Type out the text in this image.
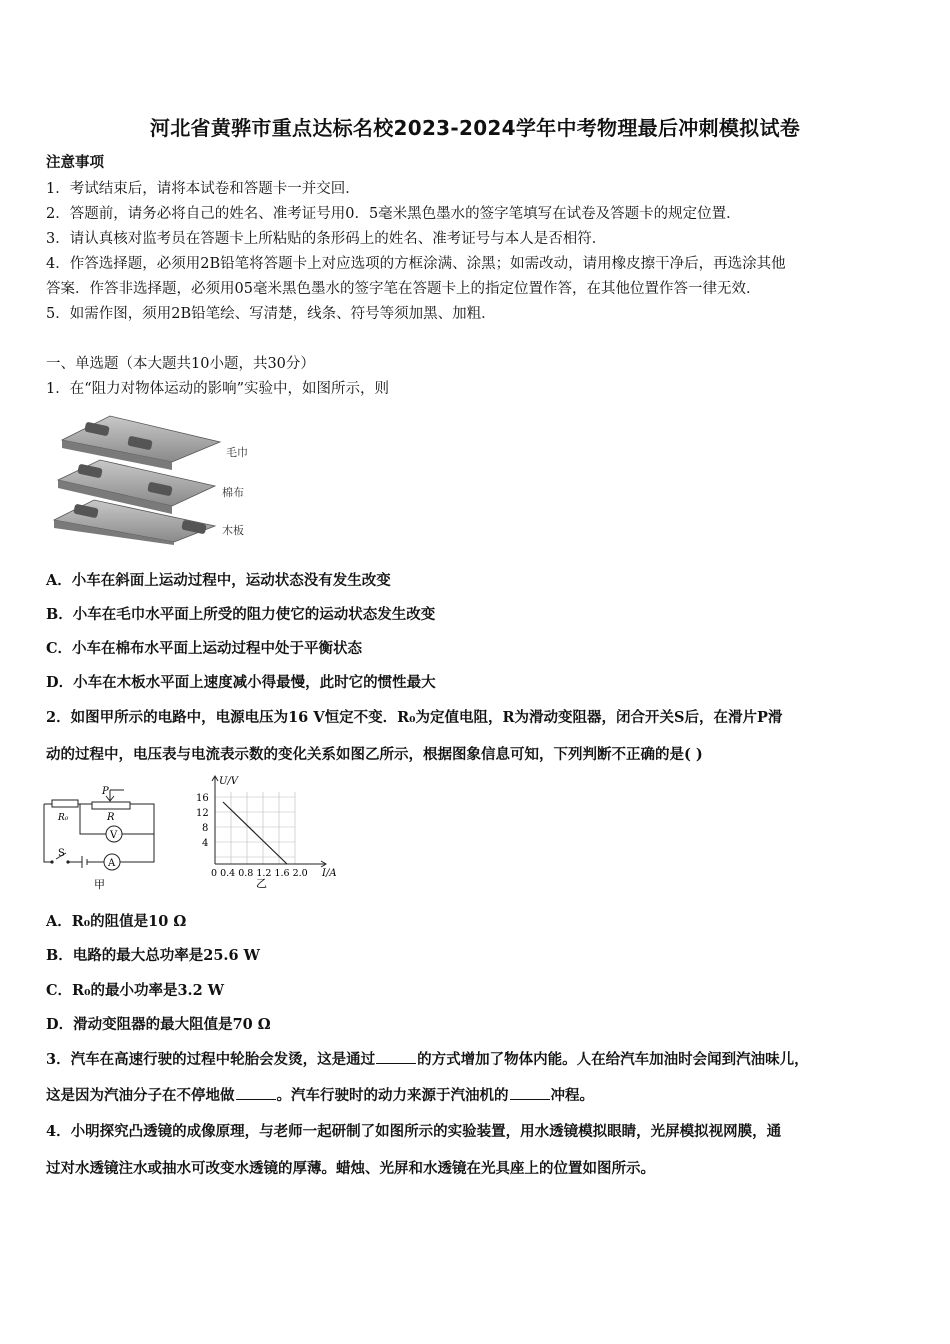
河北省黄骅市重点达标名校2023-2024学年中考物理最后冲刺模拟试卷
注意事项
1．考试结束后，请将本试卷和答题卡一并交回．
2．答题前，请务必将自己的姓名、准考证号用0．5毫米黑色墨水的签字笔填写在试卷及答题卡的规定位置．
3．请认真核对监考员在答题卡上所粘贴的条形码上的姓名、准考证号与本人是否相符．
4．作答选择题，必须用2B铅笔将答题卡上对应选项的方框涂满、涂黑；如需改动，请用橡皮擦干净后，再选涂其他
答案．作答非选择题，必须用05毫米黑色墨水的签字笔在答题卡上的指定位置作答，在其他位置作答一律无效．
5．如需作图，须用2B铅笔绘、写清楚，线条、符号等须加黑、加粗．
一、单选题（本大题共10小题，共30分）
1．在“阻力对物体运动的影响”实验中，如图所示，则
毛巾
棉布
木板
A．小车在斜面上运动过程中，运动状态没有发生改变
B．小车在毛巾水平面上所受的阻力使它的运动状态发生改变
C．小车在棉布水平面上运动过程中处于平衡状态
D．小车在木板水平面上速度减小得最慢，此时它的惯性最大
2．如图甲所示的电路中，电源电压为16 V恒定不变．R₀为定值电阻，R为滑动变阻器，闭合开关S后，在滑片P滑
动的过程中，电压表与电流表示数的变化关系如图乙所示，根据图象信息可知，下列判断不正确的是( )
R₀
P
R
V
S
A
甲
U/V
16
12
8
4
0 0.4 0.8 1.2 1.6 2.0 I/A
乙
A．R₀的阻值是10 Ω
B．电路的最大总功率是25.6 W
C．R₀的最小功率是3.2 W
D．滑动变阻器的最大阻值是70 Ω
3．汽车在高速行驶的过程中轮胎会发烫，这是通过	的方式增加了物体内能。人在给汽车加油时会闻到汽油味儿，
这是因为汽油分子在不停地做	。汽车行驶时的动力来源于汽油机的	冲程。
4．小明探究凸透镜的成像原理，与老师一起研制了如图所示的实验装置，用水透镜模拟眼睛，光屏模拟视网膜，通
过对水透镜注水或抽水可改变水透镜的厚薄。蜡烛、光屏和水透镜在光具座上的位置如图所示。
